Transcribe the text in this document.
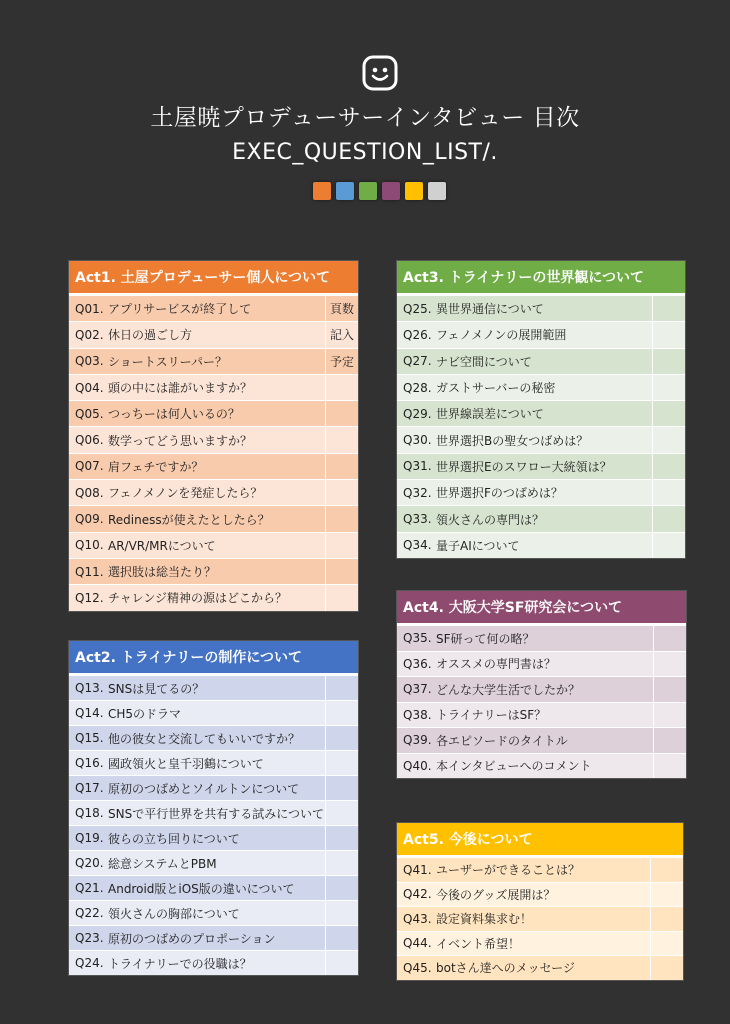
土屋暁プロデューサーインタビュー 目次
EXEC_QUESTION_LIST/.
Act1. 土屋プロデューサー個人について
Q01. アプリサービスが終了して	頁数
Q02. 休日の過ごし方	記入
Q03. ショートスリーパー？	予定
Q04. 頭の中には誰がいますか？
Q05. つっちーは何人いるの？
Q06. 数学ってどう思いますか？
Q07. 肩フェチですか？
Q08. フェノメノンを発症したら？
Q09. Redinessが使えたとしたら？
Q10. AR/VR/MRについて
Q11. 選択肢は総当たり？
Q12. チャレンジ精神の源はどこから？
Act2. トライナリーの制作について
Q13. SNSは見てるの？
Q14. CH5のドラマ
Q15. 他の彼女と交流してもいいですか？
Q16. 國政領火と皇千羽鶴について
Q17. 原初のつばめとソイルトンについて
Q18. SNSで平行世界を共有する試みについて
Q19. 彼らの立ち回りについて
Q20. 総意システムとPBM
Q21. Android版とiOS版の違いについて
Q22. 領火さんの胸部について
Q23. 原初のつばめのプロポーション
Q24. トライナリーでの役職は？
Act3. トライナリーの世界観について
Q25. 異世界通信について
Q26. フェノメノンの展開範囲
Q27. ナビ空間について
Q28. ガストサーバーの秘密
Q29. 世界線誤差について
Q30. 世界選択Bの聖女つばめは？
Q31. 世界選択Eのスワロー大統領は？
Q32. 世界選択Fのつばめは？
Q33. 領火さんの専門は？
Q34. 量子AIについて
Act4. 大阪大学SF研究会について
Q35. SF研って何の略？
Q36. オススメの専門書は？
Q37. どんな大学生活でしたか？
Q38. トライナリーはSF？
Q39. 各エピソードのタイトル
Q40. 本インタビューへのコメント
Act5. 今後について
Q41. ユーザーができることは？
Q42. 今後のグッズ展開は？
Q43. 設定資料集求む！
Q44. イベント希望！
Q45. botさん達へのメッセージ
